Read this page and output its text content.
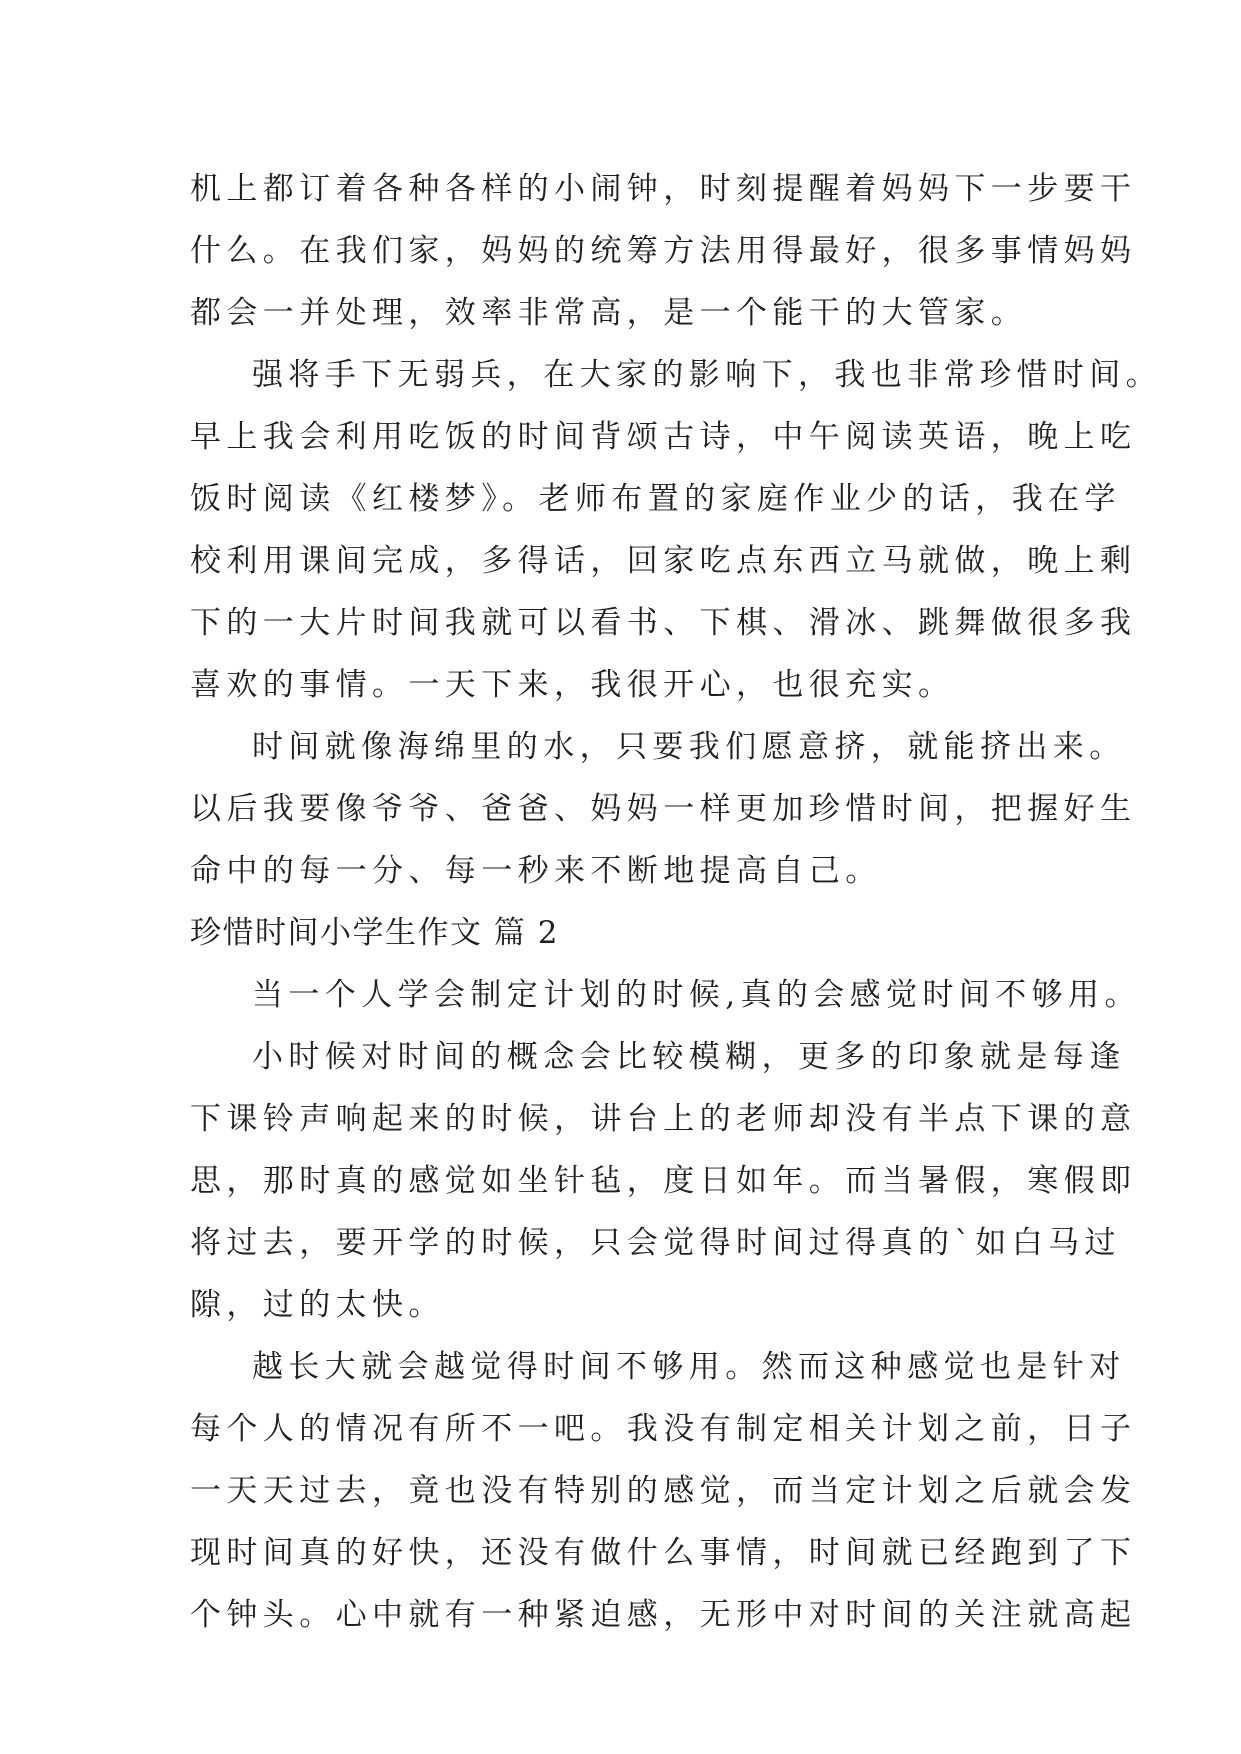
机上都订着各种各样的小闹钟，时刻提醒着妈妈下一步要干
什么。在我们家，妈妈的统筹方法用得最好，很多事情妈妈
都会一并处理，效率非常高，是一个能干的大管家。
强将手下无弱兵，在大家的影响下，我也非常珍惜时间。
早上我会利用吃饭的时间背颂古诗，中午阅读英语，晚上吃
饭时阅读《红楼梦》。老师布置的家庭作业少的话，我在学
校利用课间完成，多得话，回家吃点东西立马就做，晚上剩
下的一大片时间我就可以看书、下棋、滑冰、跳舞做很多我
喜欢的事情。一天下来，我很开心，也很充实。
时间就像海绵里的水，只要我们愿意挤，就能挤出来。
以后我要像爷爷、爸爸、妈妈一样更加珍惜时间，把握好生
命中的每一分、每一秒来不断地提高自己。
珍惜时间小学生作文 篇 2
当一个人学会制定计划的时候,真的会感觉时间不够用。
小时候对时间的概念会比较模糊，更多的印象就是每逢
下课铃声响起来的时候，讲台上的老师却没有半点下课的意
思，那时真的感觉如坐针毡，度日如年。而当暑假，寒假即
将过去，要开学的时候，只会觉得时间过得真的`如白马过
隙，过的太快。
越长大就会越觉得时间不够用。然而这种感觉也是针对
每个人的情况有所不一吧。我没有制定相关计划之前，日子
一天天过去，竟也没有特别的感觉，而当定计划之后就会发
现时间真的好快，还没有做什么事情，时间就已经跑到了下
个钟头。心中就有一种紧迫感，无形中对时间的关注就高起
